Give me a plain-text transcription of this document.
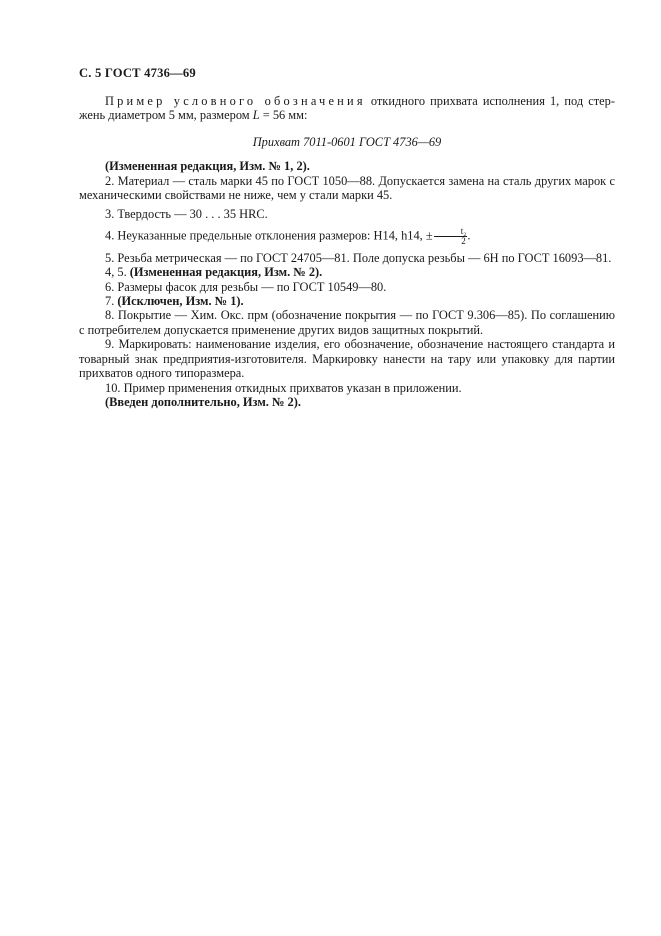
С. 5 ГОСТ 4736—69

Пример условного обозначения откидного прихвата исполнения 1, под стер- жень диаметром 5 мм, размером L = 56 мм:

Прихват 7011-0601 ГОСТ 4736—69

(Измененная редакция, Изм. № 1, 2).

2. Материал — сталь марки 45 по ГОСТ 1050—88. Допускается замена на сталь других марок с механическими свойствами не ниже, чем у стали марки 45.

3. Твердость — 30 . . . 35 HRC.

4. Неуказанные предельные отклонения размеров: H14, h14, ± $\frac{\text{t₂}}{2}$ .

5. Резьба метрическая — по ГОСТ 24705—81. Поле допуска резьбы — 6H по ГОСТ 16093—81.

4, 5. (Измененная редакция, Изм. № 2).

6. Размеры фасок для резьбы — по ГОСТ 10549—80.

7. (Исключен, Изм. № 1).

8. Покрытие — Хим. Окс. прм (обозначение покрытия — по ГОСТ 9.306—85). По соглашению с потребителем допускается применение других видов защитных покрытий.

9. Маркировать: наименование изделия, его обозначение, обозначение настоящего стандарта и товарный знак предприятия-изготовителя. Маркировку нанести на тару или упаковку для партии прихватов одного типоразмера.

10. Пример применения откидных прихватов указан в приложении.

(Введен дополнительно, Изм. № 2).
